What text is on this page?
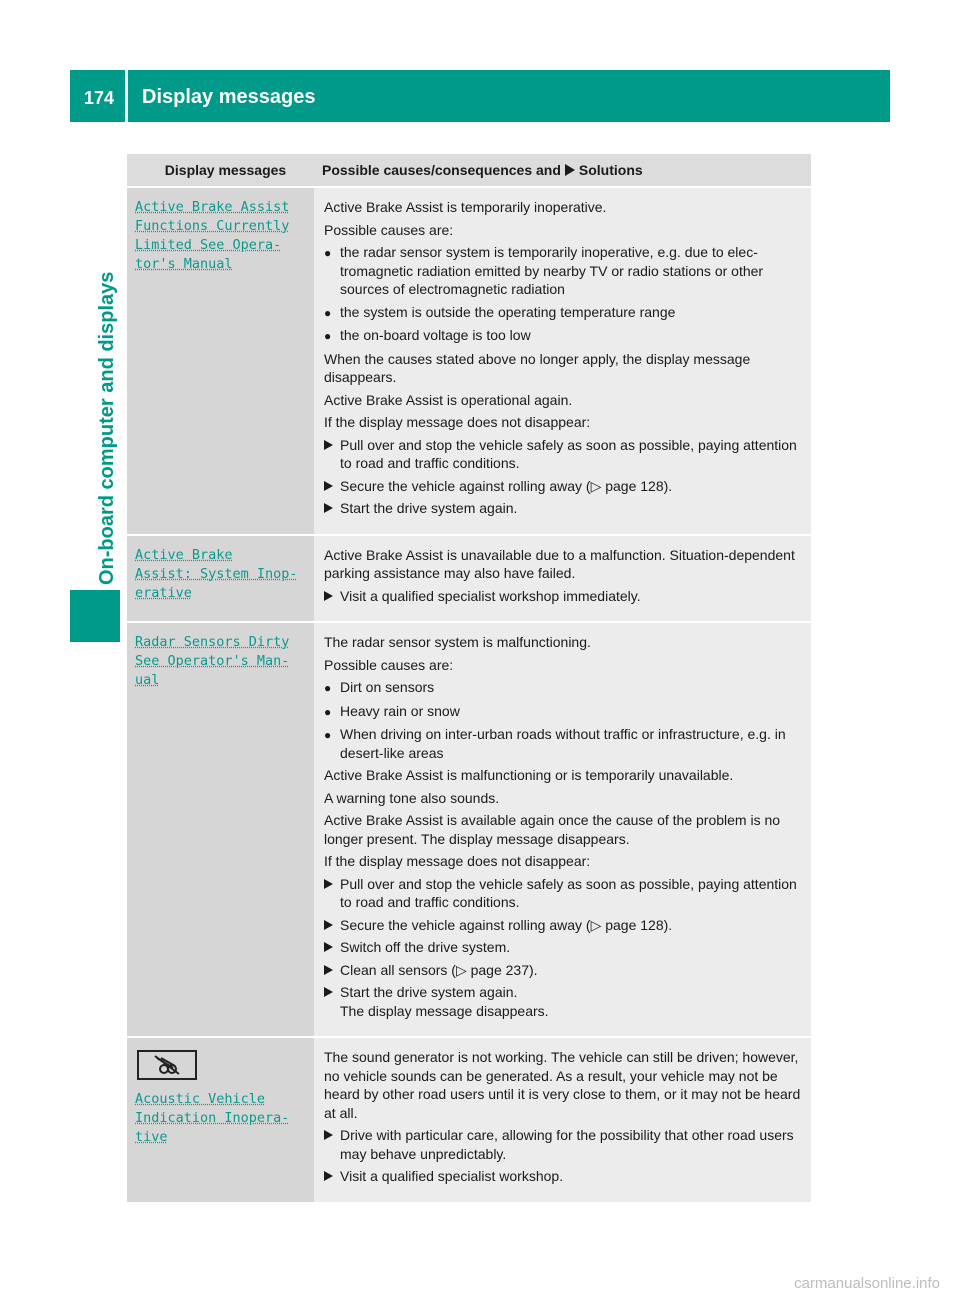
174 Display messages
On-board computer and displays
Display messages	Possible causes/consequences and Solutions
Active Brake Assist
Functions Currently
Limited See Opera‐
tor's Manual

Active Brake Assist is temporarily inoperative.

Possible causes are:

● the radar sensor system is temporarily inoperative, e.g. due to elec‐tromagnetic radiation emitted by nearby TV or radio stations or other sources of electromagnetic radiation
● the system is outside the operating temperature range
● the on-board voltage is too low

When the causes stated above no longer apply, the display message disappears.

Active Brake Assist is operational again.

If the display message does not disappear:

Pull over and stop the vehicle safely as soon as possible, paying attention to road and traffic conditions.
Secure the vehicle against rolling away (▷ page 128).
Start the drive system again.
Active Brake
Assist: System Inop‐
erative

Active Brake Assist is unavailable due to a malfunction. Situation-dependent parking assistance may also have failed.

Visit a qualified specialist workshop immediately.
Radar Sensors Dirty
See Operator's Man‐
ual

The radar sensor system is malfunctioning.

Possible causes are:

● Dirt on sensors
● Heavy rain or snow
● When driving on inter-urban roads without traffic or infrastructure, e.g. in desert-like areas

Active Brake Assist is malfunctioning or is temporarily unavailable.

A warning tone also sounds.

Active Brake Assist is available again once the cause of the problem is no longer present. The display message disappears.

If the display message does not disappear:

Pull over and stop the vehicle safely as soon as possible, paying attention to road and traffic conditions.
Secure the vehicle against rolling away (▷ page 128).
Switch off the drive system.
Clean all sensors (▷ page 237).
Start the drive system again.
The display message disappears.
Acoustic Vehicle
Indication Inopera‐
tive

The sound generator is not working. The vehicle can still be driven; however, no vehicle sounds can be generated. As a result, your vehicle may not be heard by other road users until it is very close to them, or it may not be heard at all.

Drive with particular care, allowing for the possibility that other road users may behave unpredictably.
Visit a qualified specialist workshop.
carmanualsonline.info
